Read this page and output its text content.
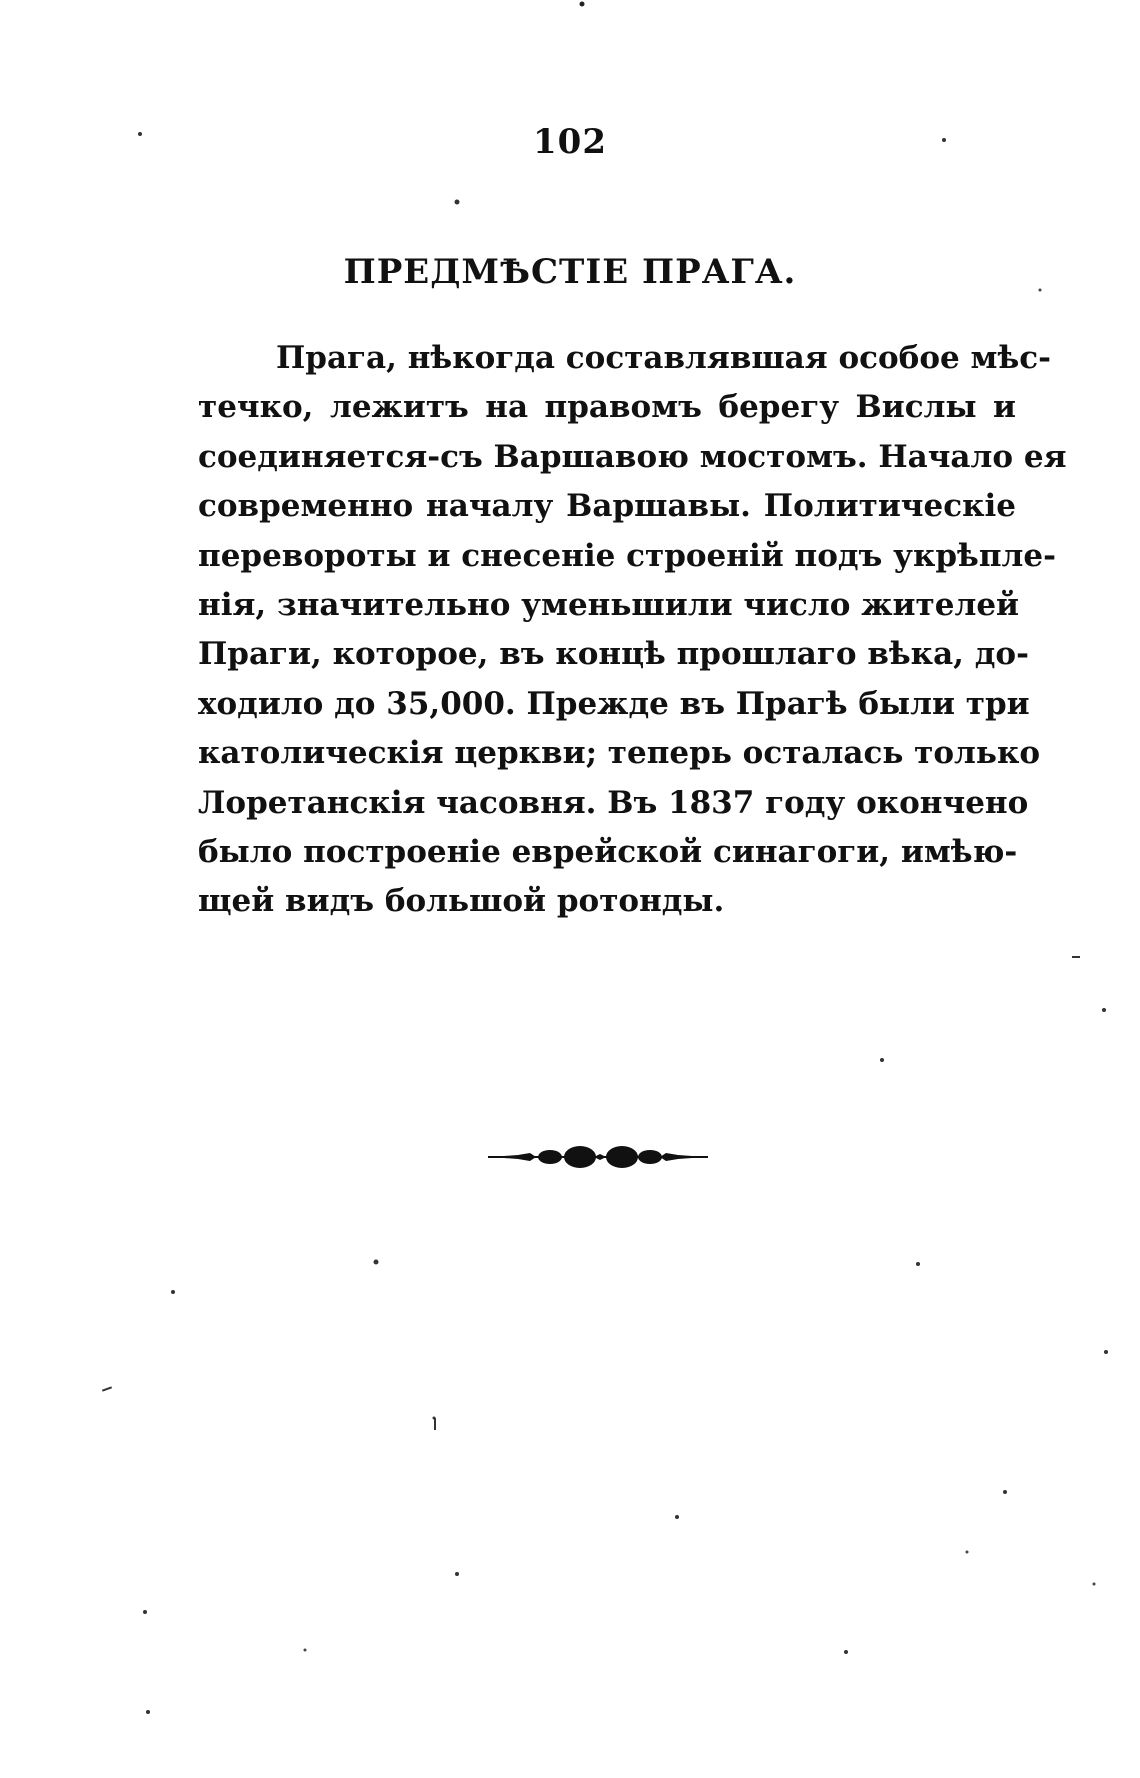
102
ПРЕДМѢСТІЕ ПРАГА.
Прага, нѣкогда составлявшая особое мѣс-
течко, лежитъ на правомъ берегу Вислы и
соединяется-съ Варшавою мостомъ. Начало ея
современно началу Варшавы. Политическіе
перевороты и снесеніе строеній подъ укрѣпле-
нія, значительно уменьшили число жителей
Праги, которое, въ концѣ прошлаго вѣка, до-
ходило до 35,000. Прежде въ Прагѣ были три
католическія церкви; теперь осталась только
Лоретанскія часовня. Въ 1837 году окончено
было построеніе еврейской синагоги, имѣю-
щей видъ большой ротонды.
